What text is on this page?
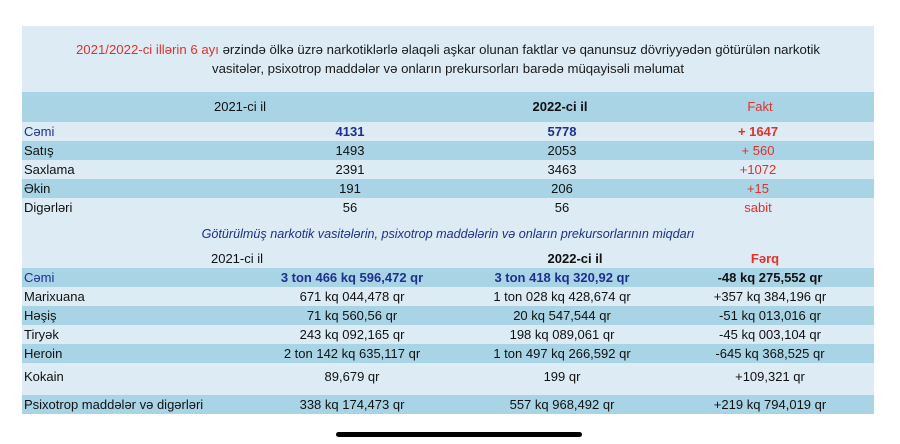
2021/2022-ci illərin 6 ayı ərzində ölkə üzrə narkotiklərlə əlaqəli aşkar olunan faktlar və qanunsuz dövriyyədən götürülən narkotik
vasitələr, psixotrop maddələr və onların prekursorları barədə müqayisəli məlumat
2021-ci il	2022-ci il	Fakt
Cəmi	4131	5778	+ 1647
Satış	1493	2053	+ 560
Saxlama	2391	3463	+1072
Əkin	191	206	+15
Digərləri	56	56	sabit
Götürülmüş narkotik vasitələrin, psixotrop maddələrin və onların prekursorlarının miqdarı
2021-ci il	2022-ci il	Fərq
Cəmi	3 ton 466 kq 596,472 qr	3 ton 418 kq 320,92 qr	-48 kq 275,552 qr
Marixuana	671 kq 044,478 qr	1 ton 028 kq 428,674 qr	+357 kq 384,196 qr
Həşiş	71 kq 560,56 qr	20 kq 547,544 qr	-51 kq 013,016 qr
Tiryək	243 kq 092,165 qr	198 kq 089,061 qr	-45 kq 003,104 qr
Heroin	2 ton 142 kq 635,117 qr	1 ton 497 kq 266,592 qr	-645 kq 368,525 qr
Kokain	89,679 qr	199 qr	+109,321 qr
Psixotrop maddələr və digərləri	338 kq 174,473 qr	557 kq 968,492 qr	+219 kq 794,019 qr
